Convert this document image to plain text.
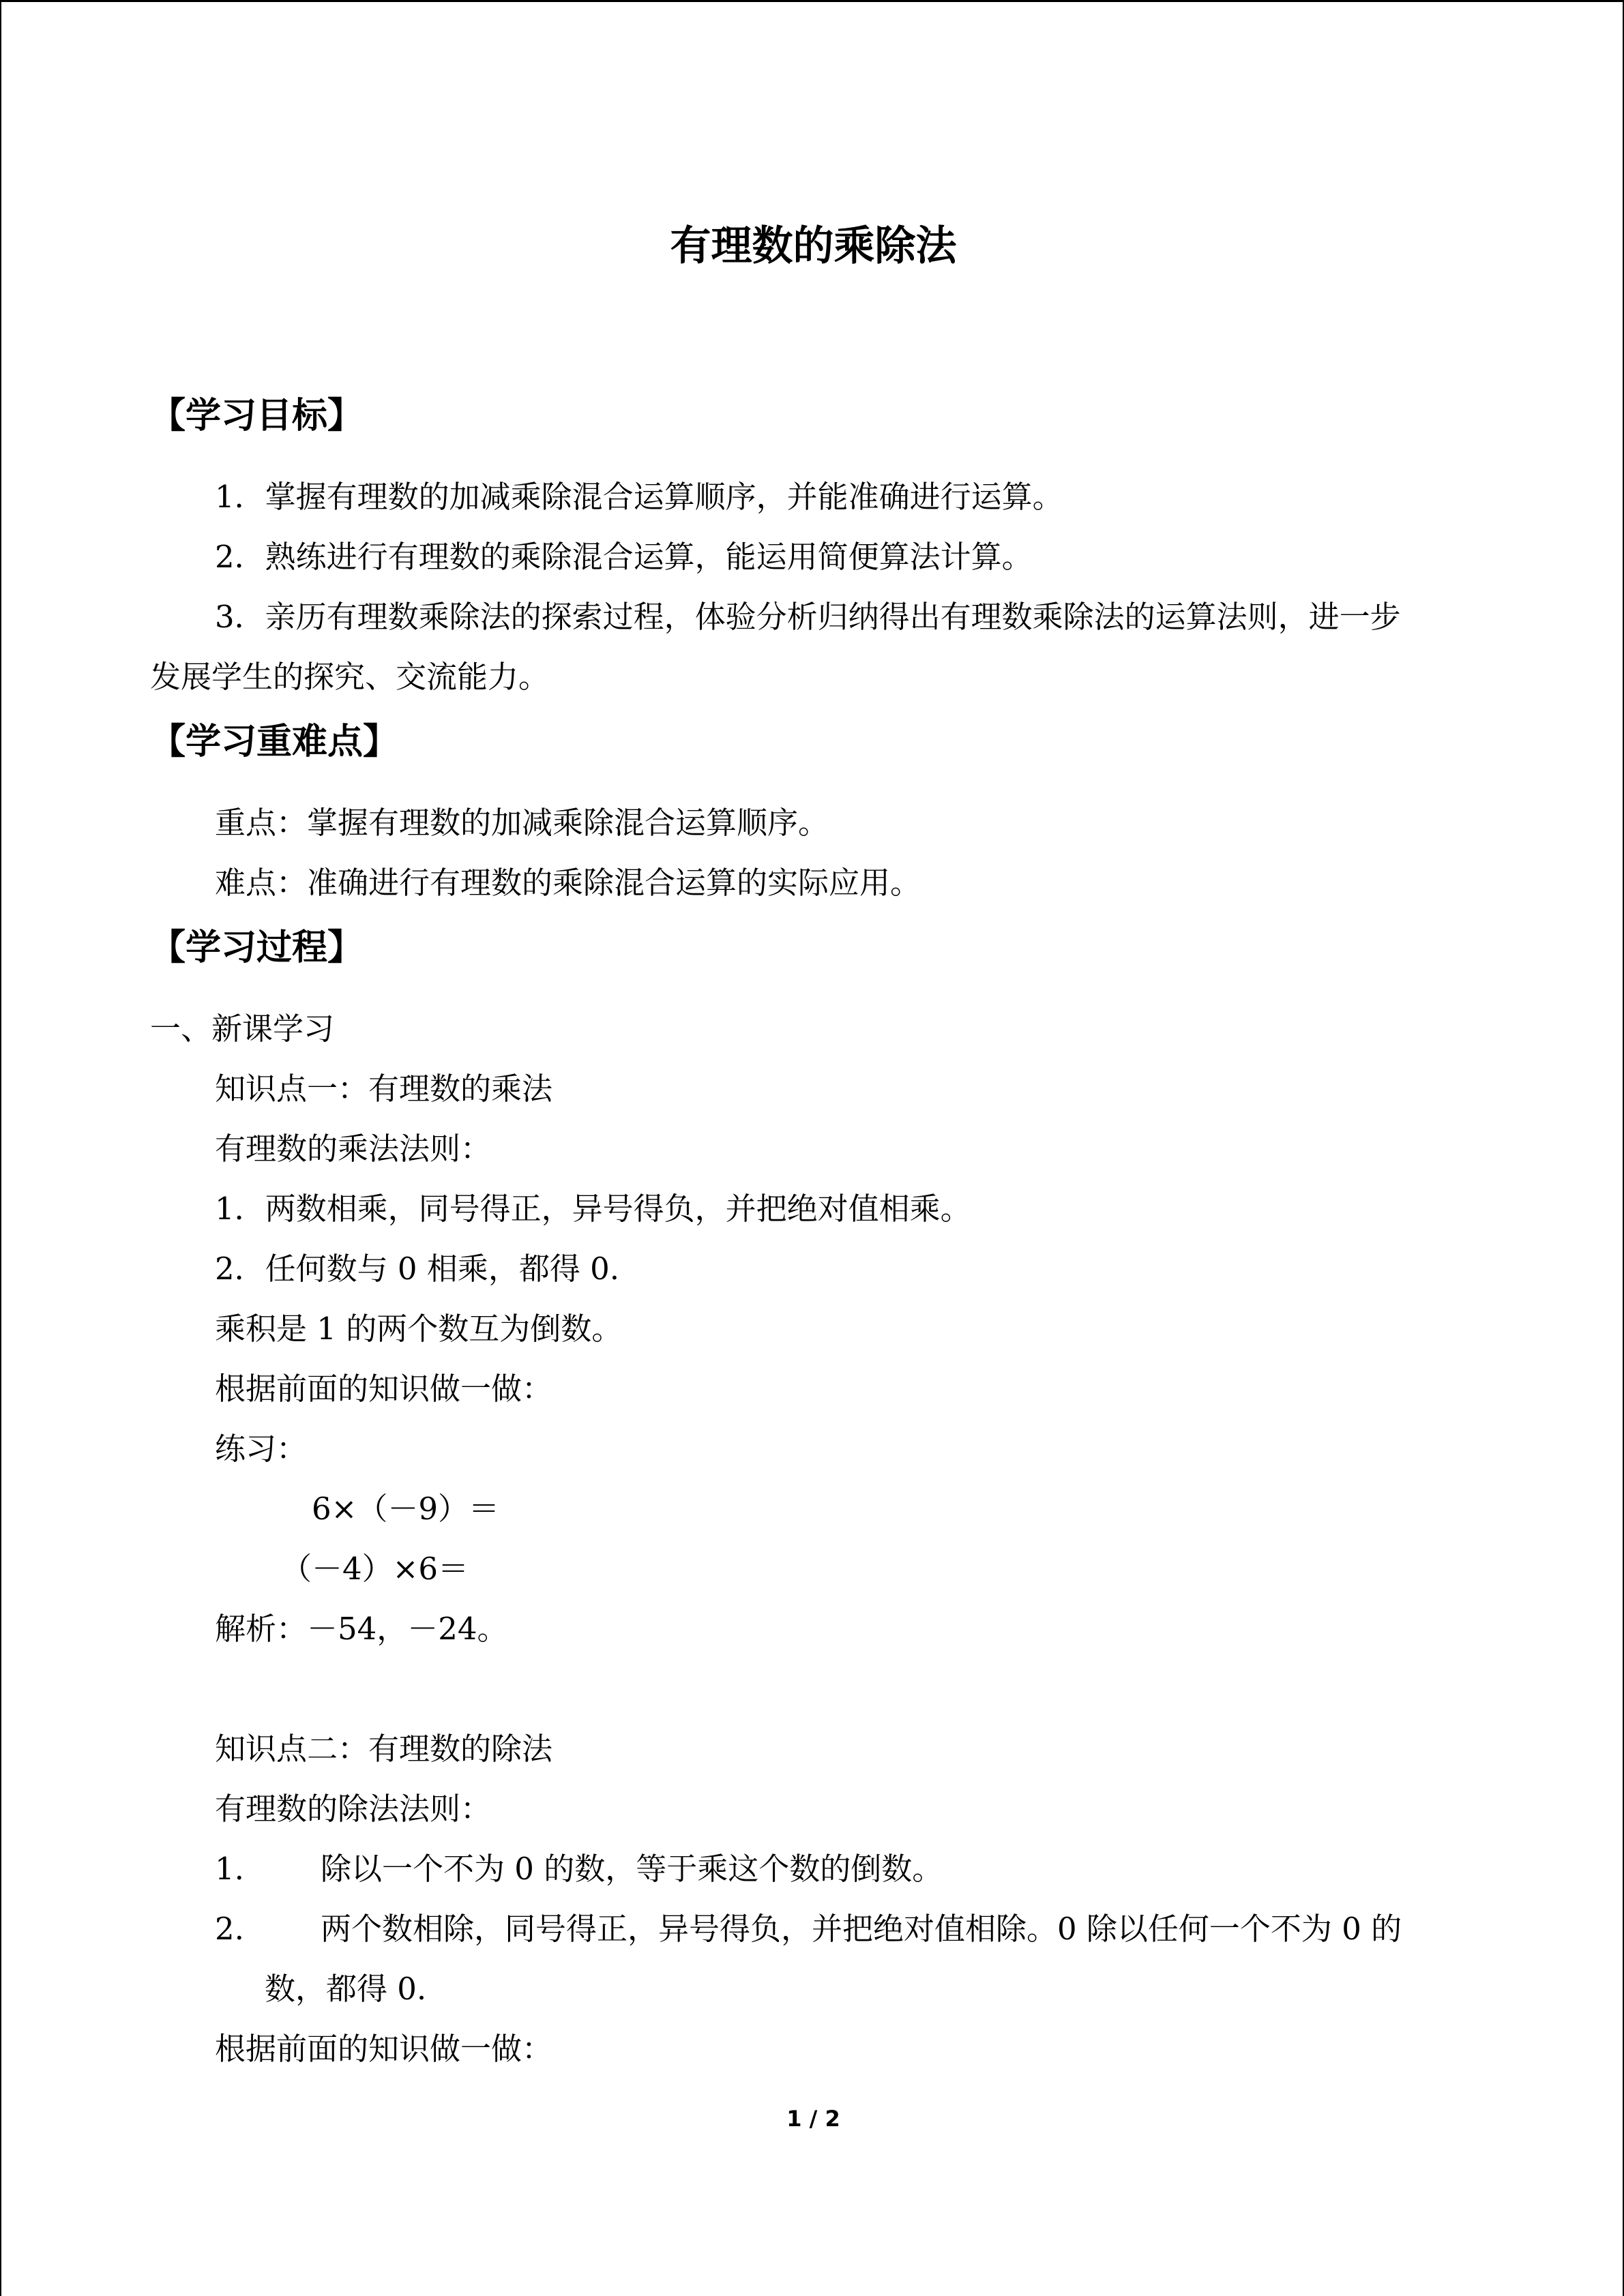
有理数的乘除法
【学习目标】
1．掌握有理数的加减乘除混合运算顺序，并能准确进行运算。
2．熟练进行有理数的乘除混合运算，能运用简便算法计算。
3．亲历有理数乘除法的探索过程，体验分析归纳得出有理数乘除法的运算法则，进一步
发展学生的探究、交流能力。
【学习重难点】
重点：掌握有理数的加减乘除混合运算顺序。
难点：准确进行有理数的乘除混合运算的实际应用。
【学习过程】
一、新课学习
知识点一：有理数的乘法
有理数的乘法法则：
1．两数相乘，同号得正，异号得负，并把绝对值相乘。
2．任何数与 0 相乘，都得 0.
乘积是 1 的两个数互为倒数。
根据前面的知识做一做：
练习：
6×（－9）＝
（－4）×6＝
解析：－54，－24。
知识点二：有理数的除法
有理数的除法法则：
1. 除以一个不为 0 的数，等于乘这个数的倒数。
2. 两个数相除，同号得正，异号得负，并把绝对值相除。0 除以任何一个不为 0 的
数，都得 0.
根据前面的知识做一做：
1 / 2
